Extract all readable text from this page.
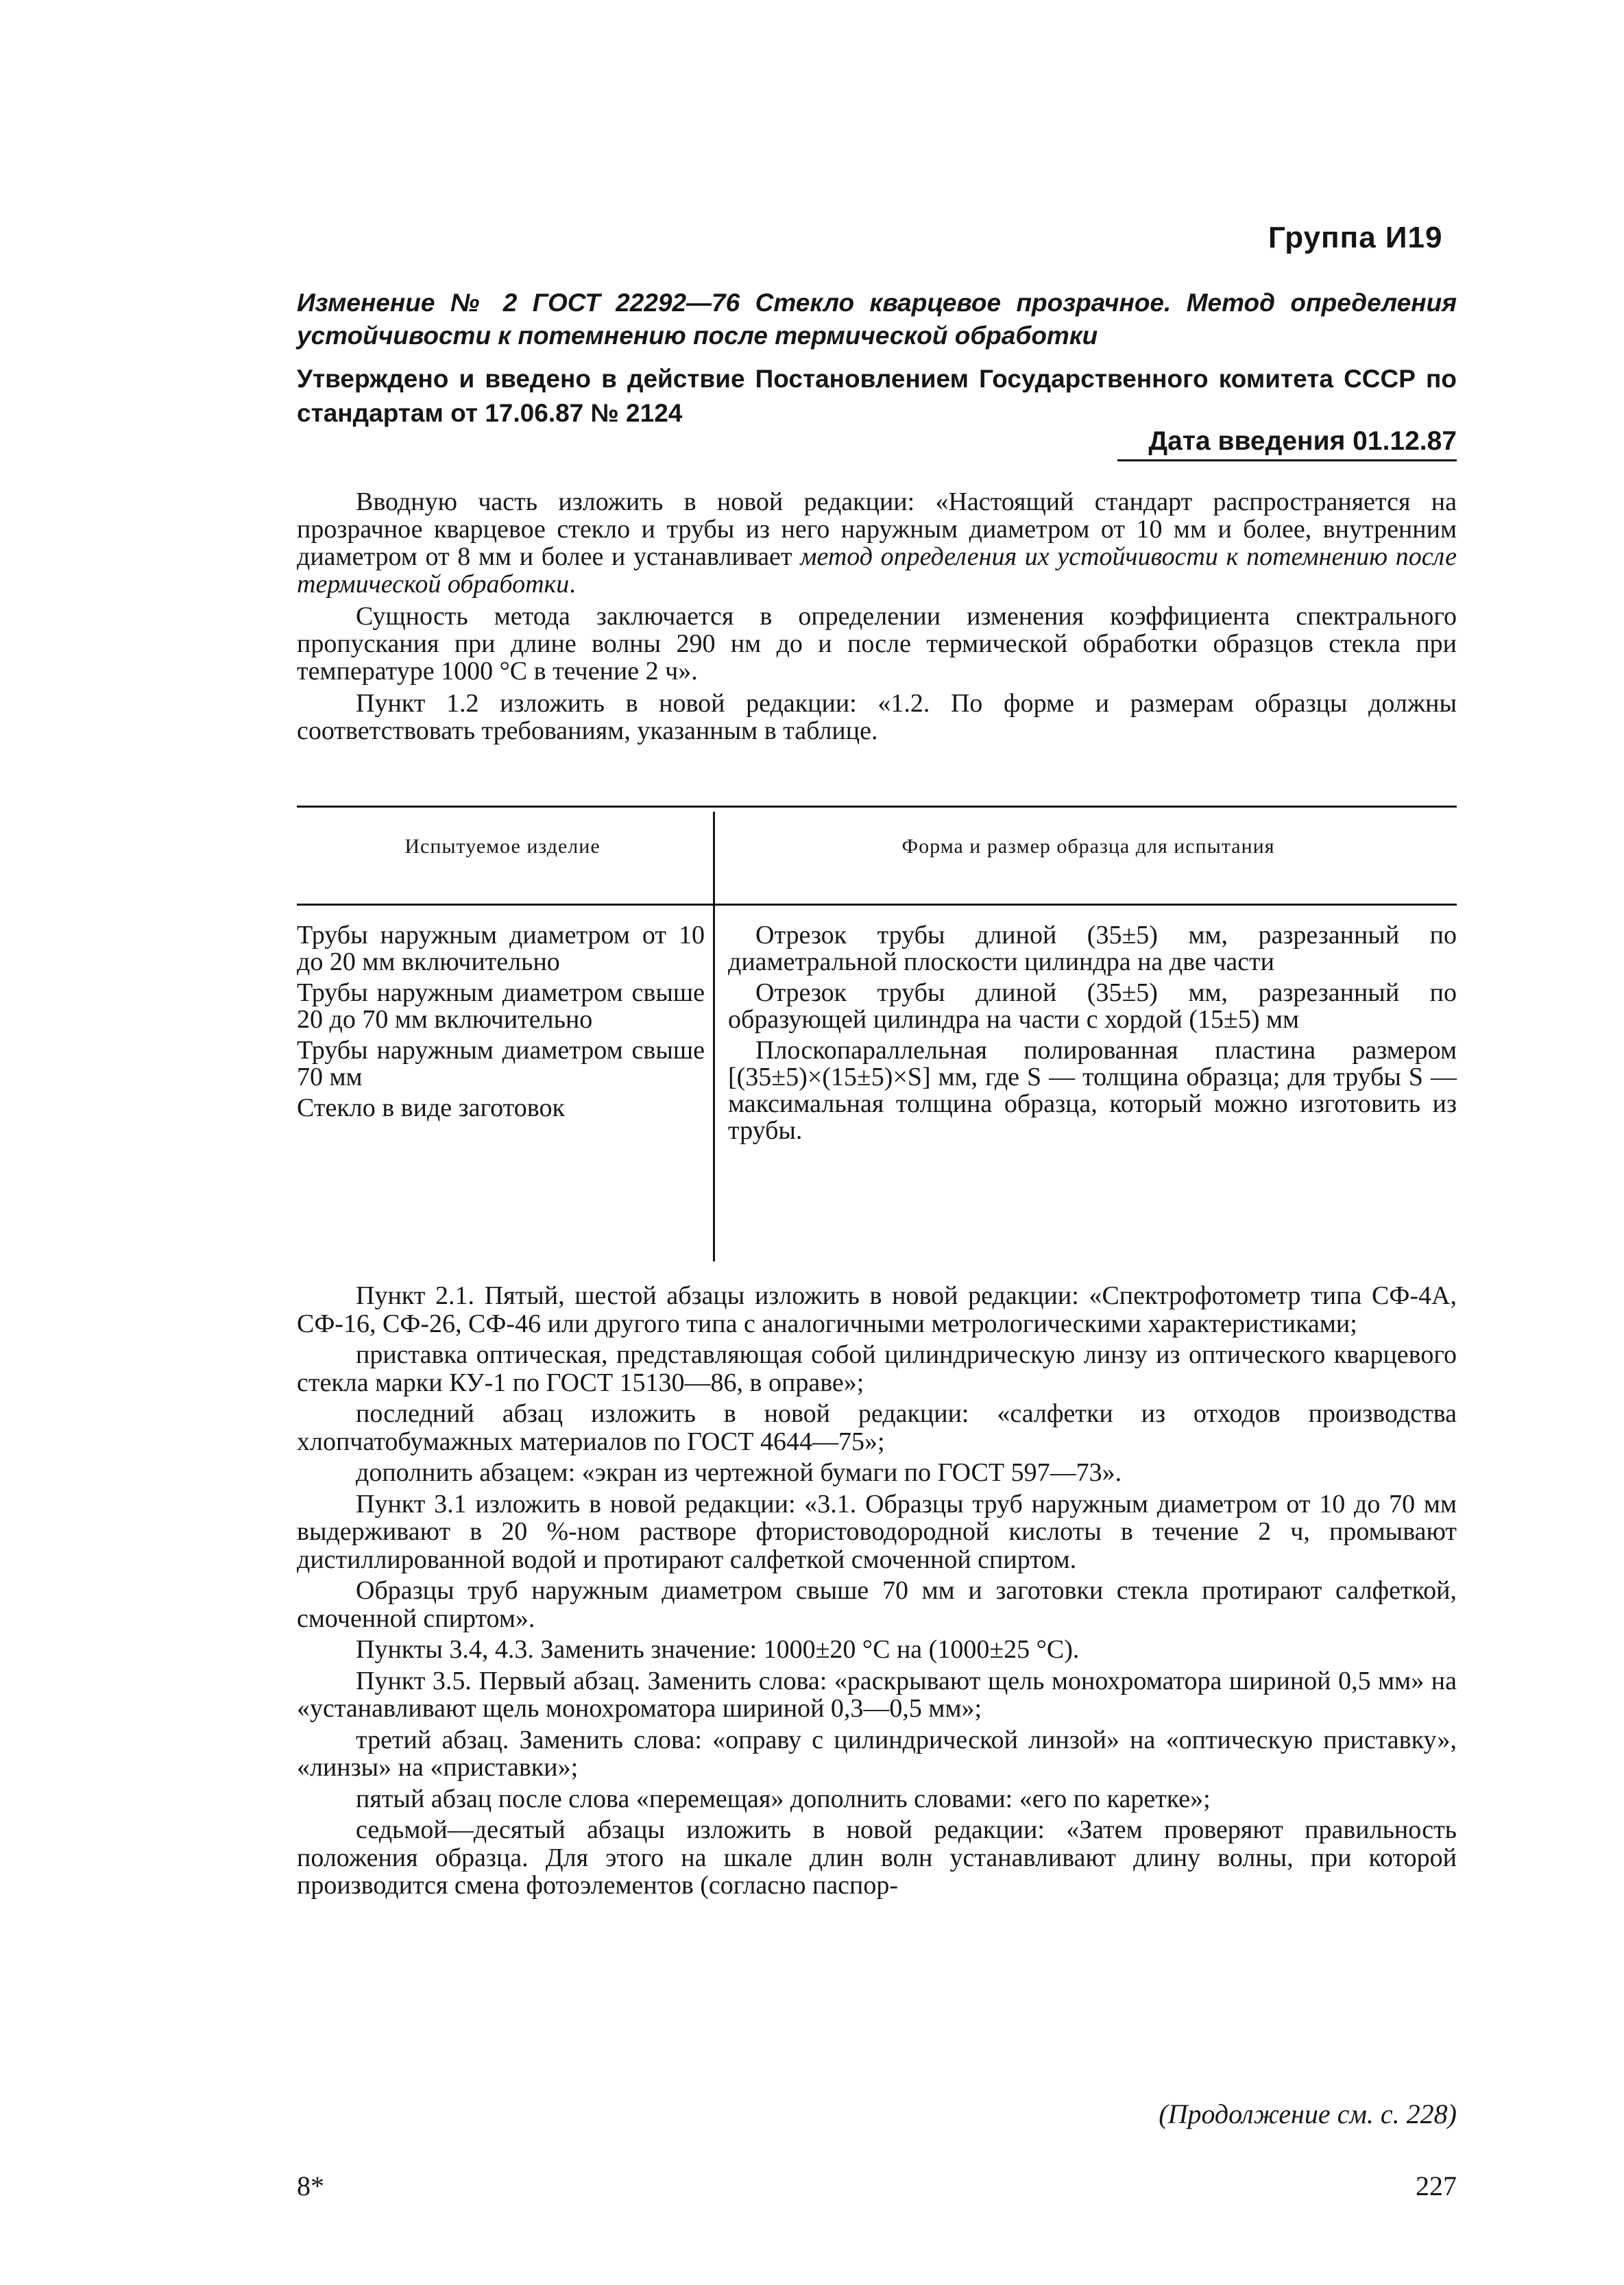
Группа И19
Изменение № 2 ГОСТ 22292—76 Стекло кварцевое прозрачное. Метод определения устойчивости к потемнению после термической обработки
Утверждено и введено в действие Постановлением Государственного комитета СССР по стандартам от 17.06.87 № 2124
Дата введения 01.12.87

Вводную часть изложить в новой редакции: «Настоящий стандарт распространяется на прозрачное кварцевое стекло и трубы из него наружным диаметром от 10 мм и более, внутренним диаметром от 8 мм и более и устанавливает метод определения их устойчивости к потемнению после термической обработки.

Сущность метода заключается в определении изменения коэффициента спектрального пропускания при длине волны 290 нм до и после термической обработки образцов стекла при температуре 1000 °С в течение 2 ч».

Пункт 1.2 изложить в новой редакции: «1.2. По форме и размерам образцы должны соответствовать требованиям, указанным в таблице.

Испытуемое изделие	Форма и размер образца для испытания
Трубы наружным диаметром от 10 до 20 мм включительно
Трубы наружным диаметром свыше 20 до 70 мм включительно
Трубы наружным диаметром свыше 70 мм
Стекло в виде заготовок
Отрезок трубы длиной (35±5) мм, разрезанный по диаметральной плоскости цилиндра на две части
Отрезок трубы длиной (35±5) мм, разрезанный по образующей цилиндра на части с хордой (15±5) мм
Плоскопараллельная полированная пластина размером [(35±5)×(15±5)×S] мм, где S — толщина образца; для трубы S — максимальная толщина образца, который можно изготовить из трубы.

Пункт 2.1. Пятый, шестой абзацы изложить в новой редакции: «Спектрофотометр типа СФ-4А, СФ-16, СФ-26, СФ-46 или другого типа с аналогичными метрологическими характеристиками;

приставка оптическая, представляющая собой цилиндрическую линзу из оптического кварцевого стекла марки КУ-1 по ГОСТ 15130—86, в оправе»;

последний абзац изложить в новой редакции: «салфетки из отходов производства хлопчатобумажных материалов по ГОСТ 4644—75»;

дополнить абзацем: «экран из чертежной бумаги по ГОСТ 597—73».

Пункт 3.1 изложить в новой редакции: «3.1. Образцы труб наружным диаметром от 10 до 70 мм выдерживают в 20 %-ном растворе фтористоводородной кислоты в течение 2 ч, промывают дистиллированной водой и протирают салфеткой смоченной спиртом.

Образцы труб наружным диаметром свыше 70 мм и заготовки стекла протирают салфеткой, смоченной спиртом».

Пункты 3.4, 4.3. Заменить значение: 1000±20 °С на (1000±25 °С).

Пункт 3.5. Первый абзац. Заменить слова: «раскрывают щель монохроматора шириной 0,5 мм» на «устанавливают щель монохроматора шириной 0,3—0,5 мм»;

третий абзац. Заменить слова: «оправу с цилиндрической линзой» на «оптическую приставку», «линзы» на «приставки»;

пятый абзац после слова «перемещая» дополнить словами: «его по каретке»;

седьмой—десятый абзацы изложить в новой редакции: «Затем проверяют правильность положения образца. Для этого на шкале длин волн устанавливают длину волны, при которой производится смена фотоэлементов (согласно паспор-

(Продолжение см. с. 228)
8*	227
